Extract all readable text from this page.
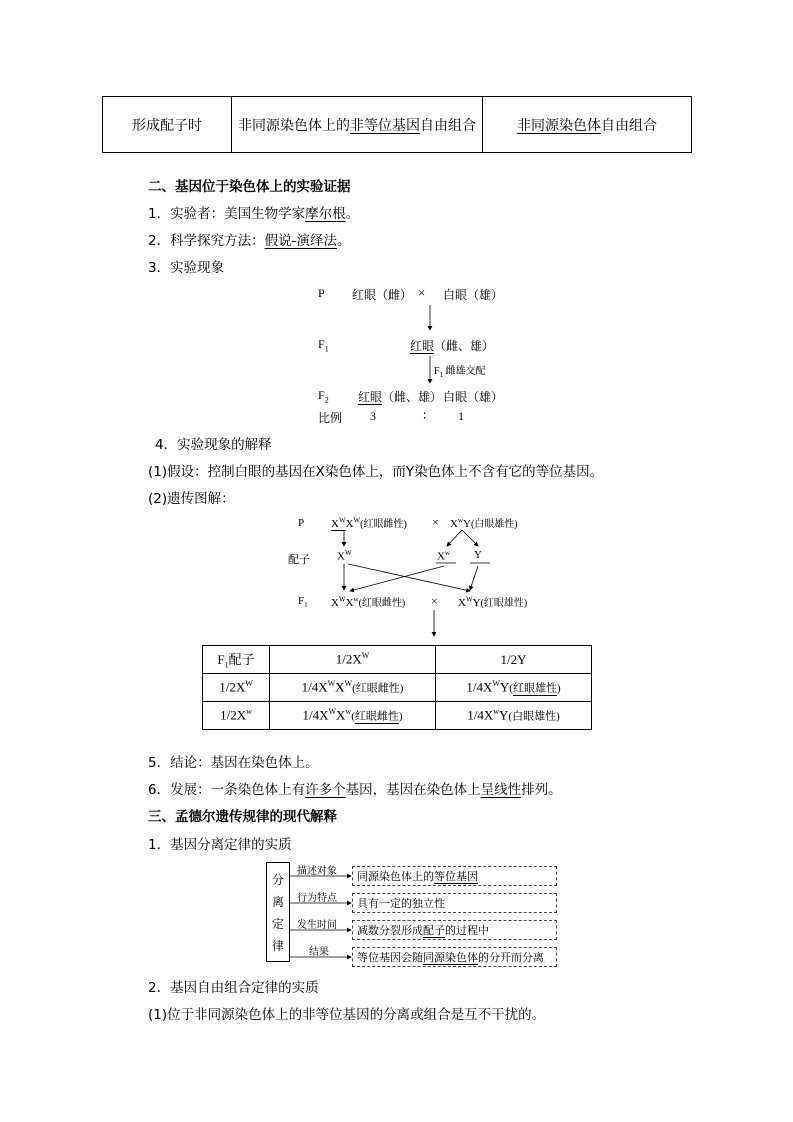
形成配子时	非同源染色体上的非等位基因自由组合	非同源染色体自由组合
二、基因位于染色体上的实验证据
1．实验者：美国生物学家摩尔根。
2．科学探究方法：假说-演绎法。
3．实验现象
P 红眼（雌） × 白眼（雄）
$F_1$	红眼（雌、雄）
$F_1$ 雌雄交配
$F_2$ 红眼（雌、雄） 白眼（雄）
比例 3	∶	1
4．实验现象的解释
(1)假设：控制白眼的基因在X染色体上，而Y染色体上不含有它的等位基因。
(2)遗传图解：
P $X^WX^W$(红眼雌性) × $X^wY$(白眼雄性)
配子 $X^W$	$X^w$ Y
$F_1$ $X^WX^w$(红眼雌性) × $X^WY$(红眼雄性)
$F_1$配子	$1/2X^W$	1/2Y
$1/2X^W$	$1/4X^WX^W$(红眼雌性)	$1/4X^WY$(红眼雄性)
$1/2X^w$	$1/4X^WX^w$(红眼雌性)	$1/4X^wY$(白眼雄性)
5．结论：基因在染色体上。
6．发展：一条染色体上有许多个基因，基因在染色体上呈线性排列。
三、孟德尔遗传规律的现代解释
1．基因分离定律的实质
分
离
定
律
描述对象
行为特点
发生时间
结果
同源染色体上的等位基因
具有一定的独立性
减数分裂形成配子的过程中
等位基因会随同源染色体的分开而分离
2．基因自由组合定律的实质
(1)位于非同源染色体上的非等位基因的分离或组合是互不干扰的。
